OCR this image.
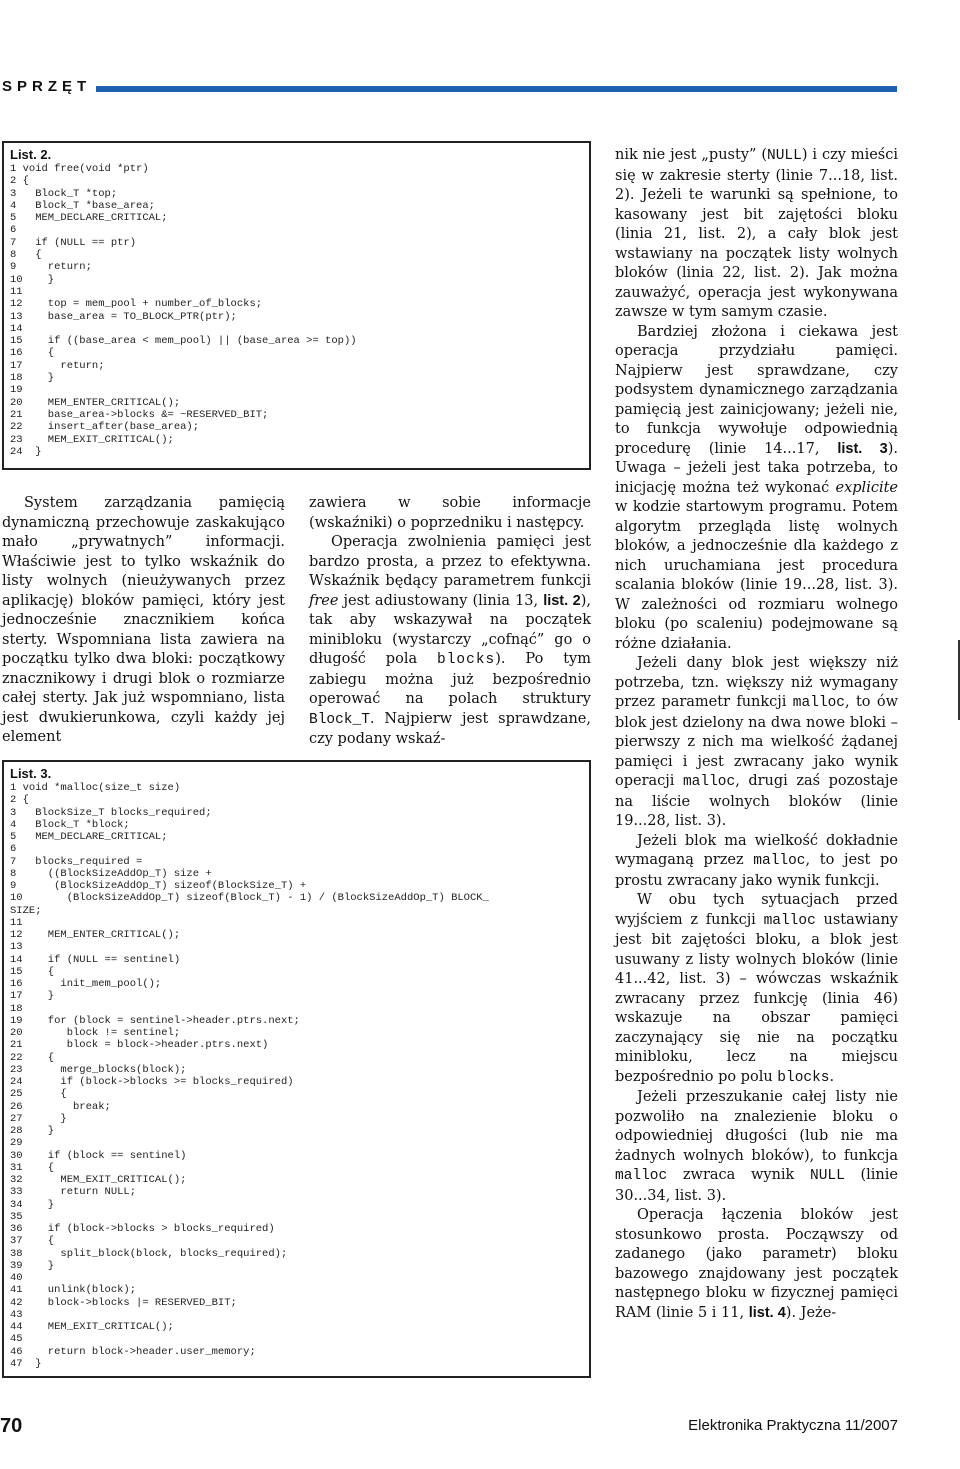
SPRZĘT
List. 2.
1 void free(void *ptr)
2 {
3   Block_T *top;
4   Block_T *base_area;
5   MEM_DECLARE_CRITICAL;
6
7   if (NULL == ptr)
8   {
9     return;
10    }
11
12    top = mem_pool + number_of_blocks;
13    base_area = TO_BLOCK_PTR(ptr);
14
15    if ((base_area < mem_pool) || (base_area >= top))
16    {
17      return;
18    }
19
20    MEM_ENTER_CRITICAL();
21    base_area->blocks &= ~RESERVED_BIT;
22    insert_after(base_area);
23    MEM_EXIT_CRITICAL();
24  }

System zarządzania pamięcią dynamiczną przechowuje zaskakująco mało „prywatnych” informacji. Właściwie jest to tylko wskaźnik do listy wolnych (nieużywanych przez aplikację) bloków pamięci, który jest jednocześnie znacznikiem końca sterty. Wspomniana lista zawiera na początku tylko dwa bloki: początkowy znacznikowy i drugi blok o rozmiarze całej sterty. Jak już wspomniano, lista jest dwukierunkowa, czyli każdy jej element

zawiera w sobie informacje (wskaźniki) o poprzedniku i następcy.

Operacja zwolnienia pamięci jest bardzo prosta, a przez to efektywna. Wskaźnik będący parametrem funkcji free jest adiustowany (linia 13, list. 2), tak aby wskazywał na początek minibloku (wystarczy „cofnąć” go o długość pola blocks). Po tym zabiegu można już bezpośrednio operować na polach struktury Block_T. Najpierw jest sprawdzane, czy podany wskaź-

nik nie jest „pusty” (NULL) i czy mieści się w zakresie sterty (linie 7...18, list. 2). Jeżeli te warunki są spełnione, to kasowany jest bit zajętości bloku (linia 21, list. 2), a cały blok jest wstawiany na początek listy wolnych bloków (linia 22, list. 2). Jak można zauważyć, operacja jest wykonywana zawsze w tym samym czasie.

Bardziej złożona i ciekawa jest operacja przydziału pamięci. Najpierw jest sprawdzane, czy podsystem dynamicznego zarządzania pamięcią jest zainicjowany; jeżeli nie, to funkcja wywołuje odpowiednią procedurę (linie 14...17, list. 3). Uwaga – jeżeli jest taka potrzeba, to inicjację można też wykonać explicite w kodzie startowym programu. Potem algorytm przegląda listę wolnych bloków, a jednocześnie dla każdego z nich uruchamiana jest procedura scalania bloków (linie 19...28, list. 3). W zależności od rozmiaru wolnego bloku (po scaleniu) podejmowane są różne działania.

Jeżeli dany blok jest większy niż potrzeba, tzn. większy niż wymagany przez parametr funkcji malloc, to ów blok jest dzielony na dwa nowe bloki – pierwszy z nich ma wielkość żądanej pamięci i jest zwracany jako wynik operacji malloc, drugi zaś pozostaje na liście wolnych bloków (linie 19...28, list. 3).

Jeżeli blok ma wielkość dokładnie wymaganą przez malloc, to jest po prostu zwracany jako wynik funkcji.

W obu tych sytuacjach przed wyjściem z funkcji malloc ustawiany jest bit zajętości bloku, a blok jest usuwany z listy wolnych bloków (linie 41...42, list. 3) – wówczas wskaźnik zwracany przez funkcję (linia 46) wskazuje na obszar pamięci zaczynający się nie na początku minibloku, lecz na miejscu bezpośrednio po polu blocks.

Jeżeli przeszukanie całej listy nie pozwoliło na znalezienie bloku o odpowiedniej długości (lub nie ma żadnych wolnych bloków), to funkcja malloc zwraca wynik NULL (linie 30...34, list. 3).

Operacja łączenia bloków jest stosunkowo prosta. Począwszy od zadanego (jako parametr) bloku bazowego znajdowany jest początek następnego bloku w fizycznej pamięci RAM (linie 5 i 11, list. 4). Jeże-

List. 3.
1 void *malloc(size_t size)
2 {
3   BlockSize_T blocks_required;
4   Block_T *block;
5   MEM_DECLARE_CRITICAL;
6
7   blocks_required =
8     ((BlockSizeAddOp_T) size +
9      (BlockSizeAddOp_T) sizeof(BlockSize_T) +
10       (BlockSizeAddOp_T) sizeof(Block_T) - 1) / (BlockSizeAddOp_T) BLOCK_
SIZE;
11
12    MEM_ENTER_CRITICAL();
13
14    if (NULL == sentinel)
15    {
16      init_mem_pool();
17    }
18
19    for (block = sentinel->header.ptrs.next;
20       block != sentinel;
21       block = block->header.ptrs.next)
22    {
23      merge_blocks(block);
24      if (block->blocks >= blocks_required)
25      {
26        break;
27      }
28    }
29
30    if (block == sentinel)
31    {
32      MEM_EXIT_CRITICAL();
33      return NULL;
34    }
35
36    if (block->blocks > blocks_required)
37    {
38      split_block(block, blocks_required);
39    }
40
41    unlink(block);
42    block->blocks |= RESERVED_BIT;
43
44    MEM_EXIT_CRITICAL();
45
46    return block->header.user_memory;
47  }
70	Elektronika Praktyczna 11/2007
